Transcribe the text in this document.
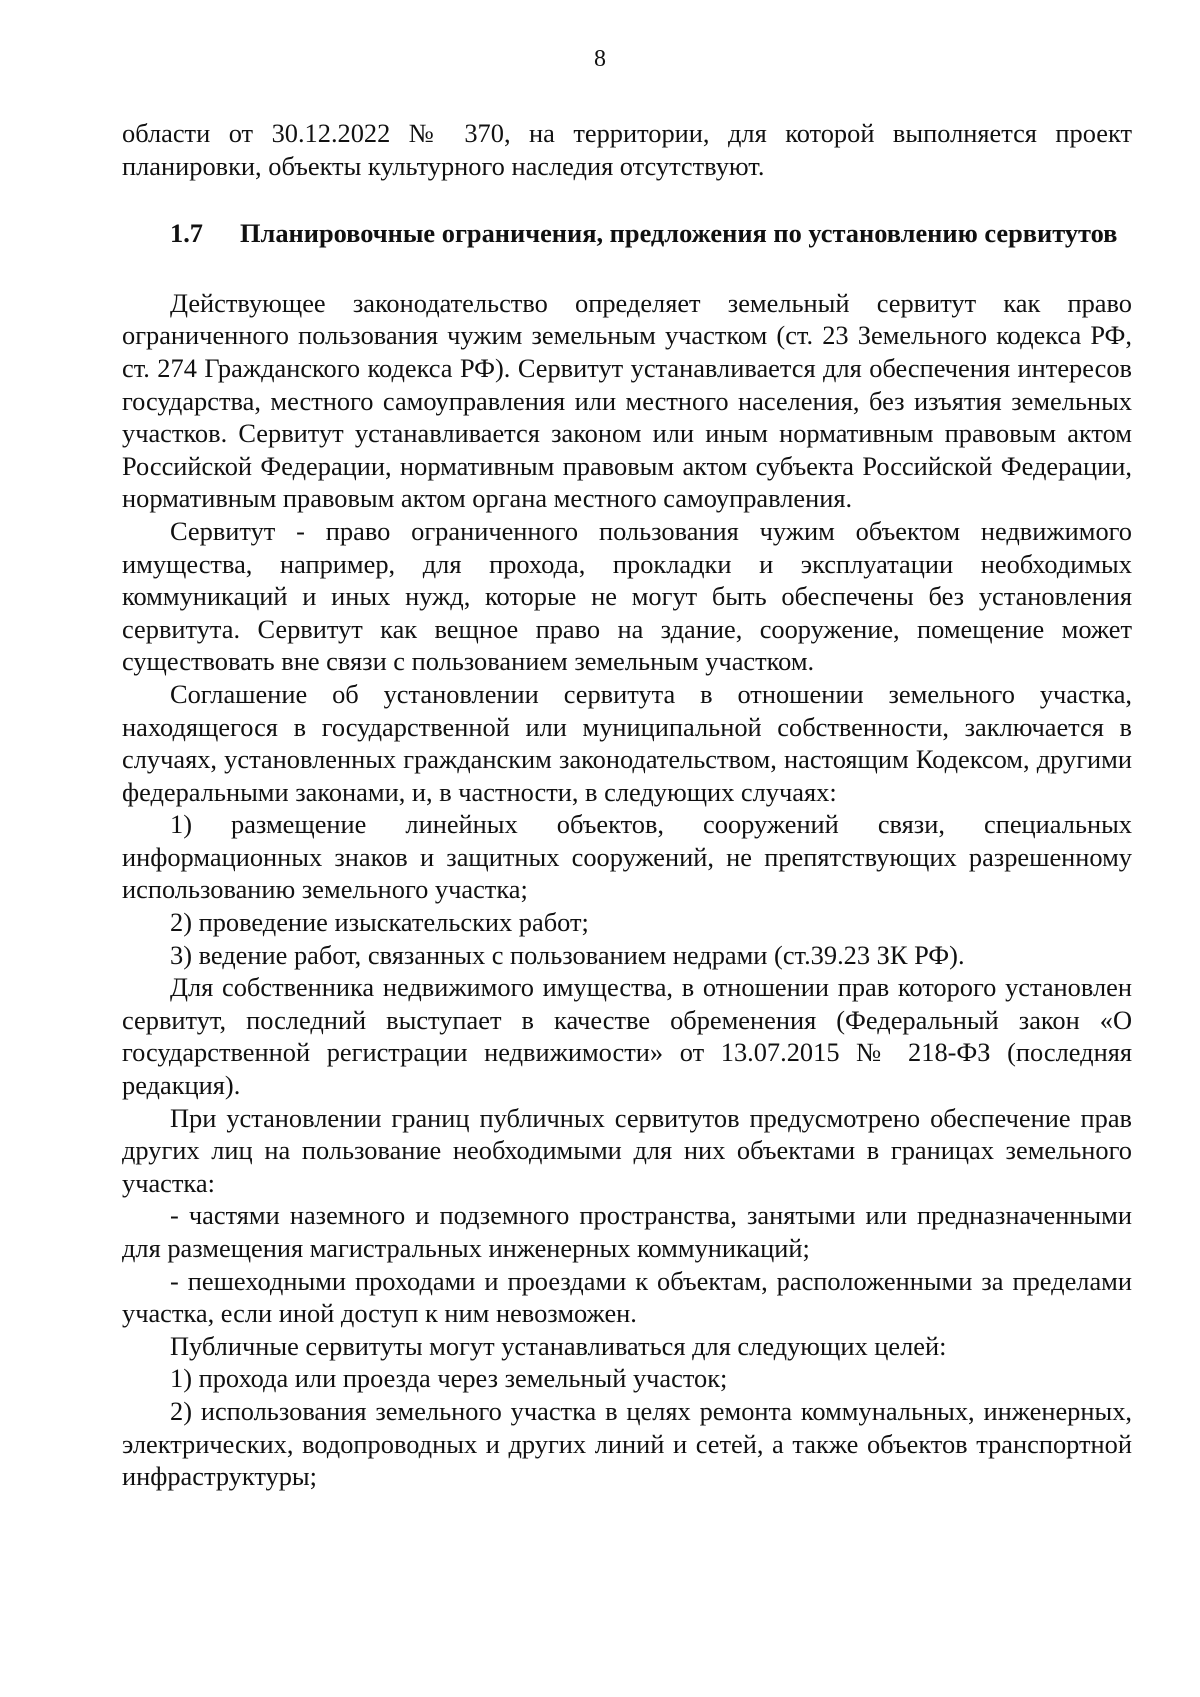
8

области от 30.12.2022 № 370, на территории, для которой выполняется проект планировки, объекты культурного наследия отсутствуют.

1.7 Планировочные ограничения, предложения по установлению сервитутов

Действующее законодательство определяет земельный сервитут как право ограниченного пользования чужим земельным участком (ст. 23 Земельного кодекса РФ, ст. 274 Гражданского кодекса РФ). Сервитут устанавливается для обеспечения интересов государства, местного самоуправления или местного населения, без изъятия земельных участков. Сервитут устанавливается законом или иным нормативным правовым актом Российской Федерации, нормативным правовым актом субъекта Российской Федерации, нормативным правовым актом органа местного самоуправления.

Сервитут - право ограниченного пользования чужим объектом недвижимого имущества, например, для прохода, прокладки и эксплуатации необходимых коммуникаций и иных нужд, которые не могут быть обеспечены без установления сервитута. Сервитут как вещное право на здание, сооружение, помещение может существовать вне связи с пользованием земельным участком.

Соглашение об установлении сервитута в отношении земельного участка, находящегося в государственной или муниципальной собственности, заключается в случаях, установленных гражданским законодательством, настоящим Кодексом, другими федеральными законами, и, в частности, в следующих случаях:

1) размещение линейных объектов, сооружений связи, специальных информационных знаков и защитных сооружений, не препятствующих разрешенному использованию земельного участка;

2) проведение изыскательских работ;

3) ведение работ, связанных с пользованием недрами (ст.39.23 ЗК РФ).

Для собственника недвижимого имущества, в отношении прав которого установлен сервитут, последний выступает в качестве обременения (Федеральный закон «О государственной регистрации недвижимости» от 13.07.2015 № 218-ФЗ (последняя редакция).

При установлении границ публичных сервитутов предусмотрено обеспечение прав других лиц на пользование необходимыми для них объектами в границах земельного участка:

- частями наземного и подземного пространства, занятыми или предназначенными для размещения магистральных инженерных коммуникаций;

- пешеходными проходами и проездами к объектам, расположенными за пределами участка, если иной доступ к ним невозможен.

Публичные сервитуты могут устанавливаться для следующих целей:

1) прохода или проезда через земельный участок;

2) использования земельного участка в целях ремонта коммунальных, инженерных, электрических, водопроводных и других линий и сетей, а также объектов транспортной инфраструктуры;
